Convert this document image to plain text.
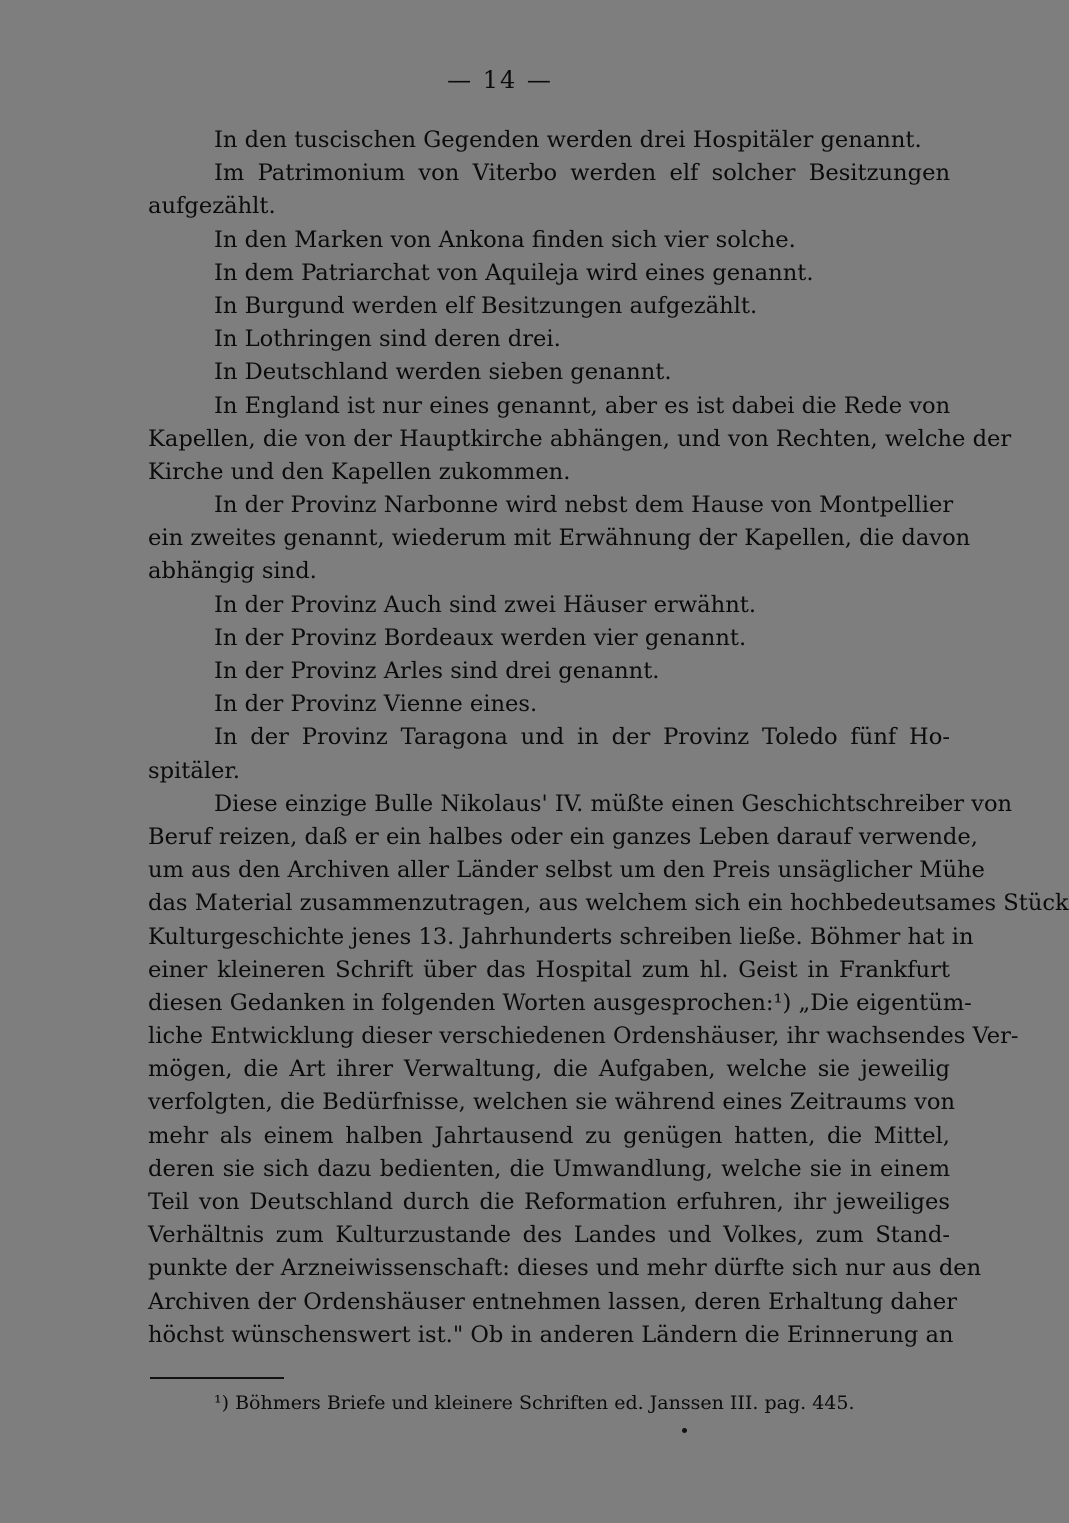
— 14 —
In den tuscischen Gegenden werden drei Hospitäler genannt.
Im Patrimonium von Viterbo werden elf solcher Besitzungen
aufgezählt.
In den Marken von Ankona finden sich vier solche.
In dem Patriarchat von Aquileja wird eines genannt.
In Burgund werden elf Besitzungen aufgezählt.
In Lothringen sind deren drei.
In Deutschland werden sieben genannt.
In England ist nur eines genannt, aber es ist dabei die Rede von
Kapellen, die von der Hauptkirche abhängen, und von Rechten, welche der
Kirche und den Kapellen zukommen.
In der Provinz Narbonne wird nebst dem Hause von Montpellier
ein zweites genannt, wiederum mit Erwähnung der Kapellen, die davon
abhängig sind.
In der Provinz Auch sind zwei Häuser erwähnt.
In der Provinz Bordeaux werden vier genannt.
In der Provinz Arles sind drei genannt.
In der Provinz Vienne eines.
In der Provinz Taragona und in der Provinz Toledo fünf Ho-
spitäler.
Diese einzige Bulle Nikolaus' IV. müßte einen Geschichtschreiber von
Beruf reizen, daß er ein halbes oder ein ganzes Leben darauf verwende,
um aus den Archiven aller Länder selbst um den Preis unsäglicher Mühe
das Material zusammenzutragen, aus welchem sich ein hochbedeutsames Stück
Kulturgeschichte jenes 13. Jahrhunderts schreiben ließe. Böhmer hat in
einer kleineren Schrift über das Hospital zum hl. Geist in Frankfurt
diesen Gedanken in folgenden Worten ausgesprochen:¹) „Die eigentüm-
liche Entwicklung dieser verschiedenen Ordenshäuser, ihr wachsendes Ver-
mögen, die Art ihrer Verwaltung, die Aufgaben, welche sie jeweilig
verfolgten, die Bedürfnisse, welchen sie während eines Zeitraums von
mehr als einem halben Jahrtausend zu genügen hatten, die Mittel,
deren sie sich dazu bedienten, die Umwandlung, welche sie in einem
Teil von Deutschland durch die Reformation erfuhren, ihr jeweiliges
Verhältnis zum Kulturzustande des Landes und Volkes, zum Stand-
punkte der Arzneiwissenschaft: dieses und mehr dürfte sich nur aus den
Archiven der Ordenshäuser entnehmen lassen, deren Erhaltung daher
höchst wünschenswert ist." Ob in anderen Ländern die Erinnerung an
¹) Böhmers Briefe und kleinere Schriften ed. Janssen III. pag. 445.
